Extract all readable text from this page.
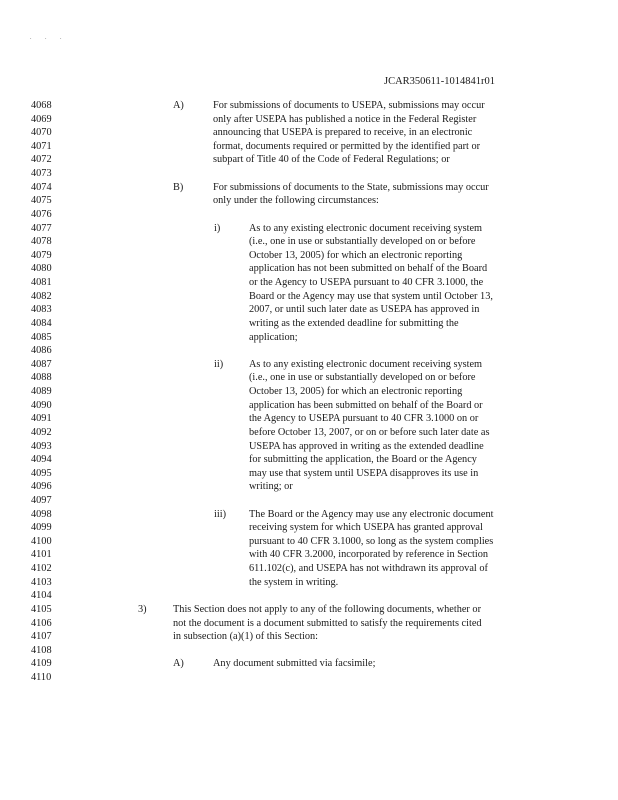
. . .
JCAR350611-1014841r01
4068	A)	For submissions of documents to USEPA, submissions may occur
4069	only after USEPA has published a notice in the Federal Register
4070	announcing that USEPA is prepared to receive, in an electronic
4071	format, documents required or permitted by the identified part or
4072	subpart of Title 40 of the Code of Federal Regulations; or
4073
4074	B)	For submissions of documents to the State, submissions may occur
4075	only under the following circumstances:
4076
4077	i)	As to any existing electronic document receiving system
4078	(i.e., one in use or substantially developed on or before
4079	October 13, 2005) for which an electronic reporting
4080	application has not been submitted on behalf of the Board
4081	or the Agency to USEPA pursuant to 40 CFR 3.1000, the
4082	Board or the Agency may use that system until October 13,
4083	2007, or until such later date as USEPA has approved in
4084	writing as the extended deadline for submitting the
4085	application;
4086
4087	ii)	As to any existing electronic document receiving system
4088	(i.e., one in use or substantially developed on or before
4089	October 13, 2005) for which an electronic reporting
4090	application has been submitted on behalf of the Board or
4091	the Agency to USEPA pursuant to 40 CFR 3.1000 on or
4092	before October 13, 2007, or on or before such later date as
4093	USEPA has approved in writing as the extended deadline
4094	for submitting the application, the Board or the Agency
4095	may use that system until USEPA disapproves its use in
4096	writing; or
4097
4098	iii) The Board or the Agency may use any electronic document
4099	receiving system for which USEPA has granted approval
4100	pursuant to 40 CFR 3.1000, so long as the system complies
4101	with 40 CFR 3.2000, incorporated by reference in Section
4102	611.102(c), and USEPA has not withdrawn its approval of
4103	the system in writing.
4104
4105	3)	This Section does not apply to any of the following documents, whether or
4106	not the document is a document submitted to satisfy the requirements cited
4107	in subsection (a)(1) of this Section:
4108
4109	A)	Any document submitted via facsimile;
4110
